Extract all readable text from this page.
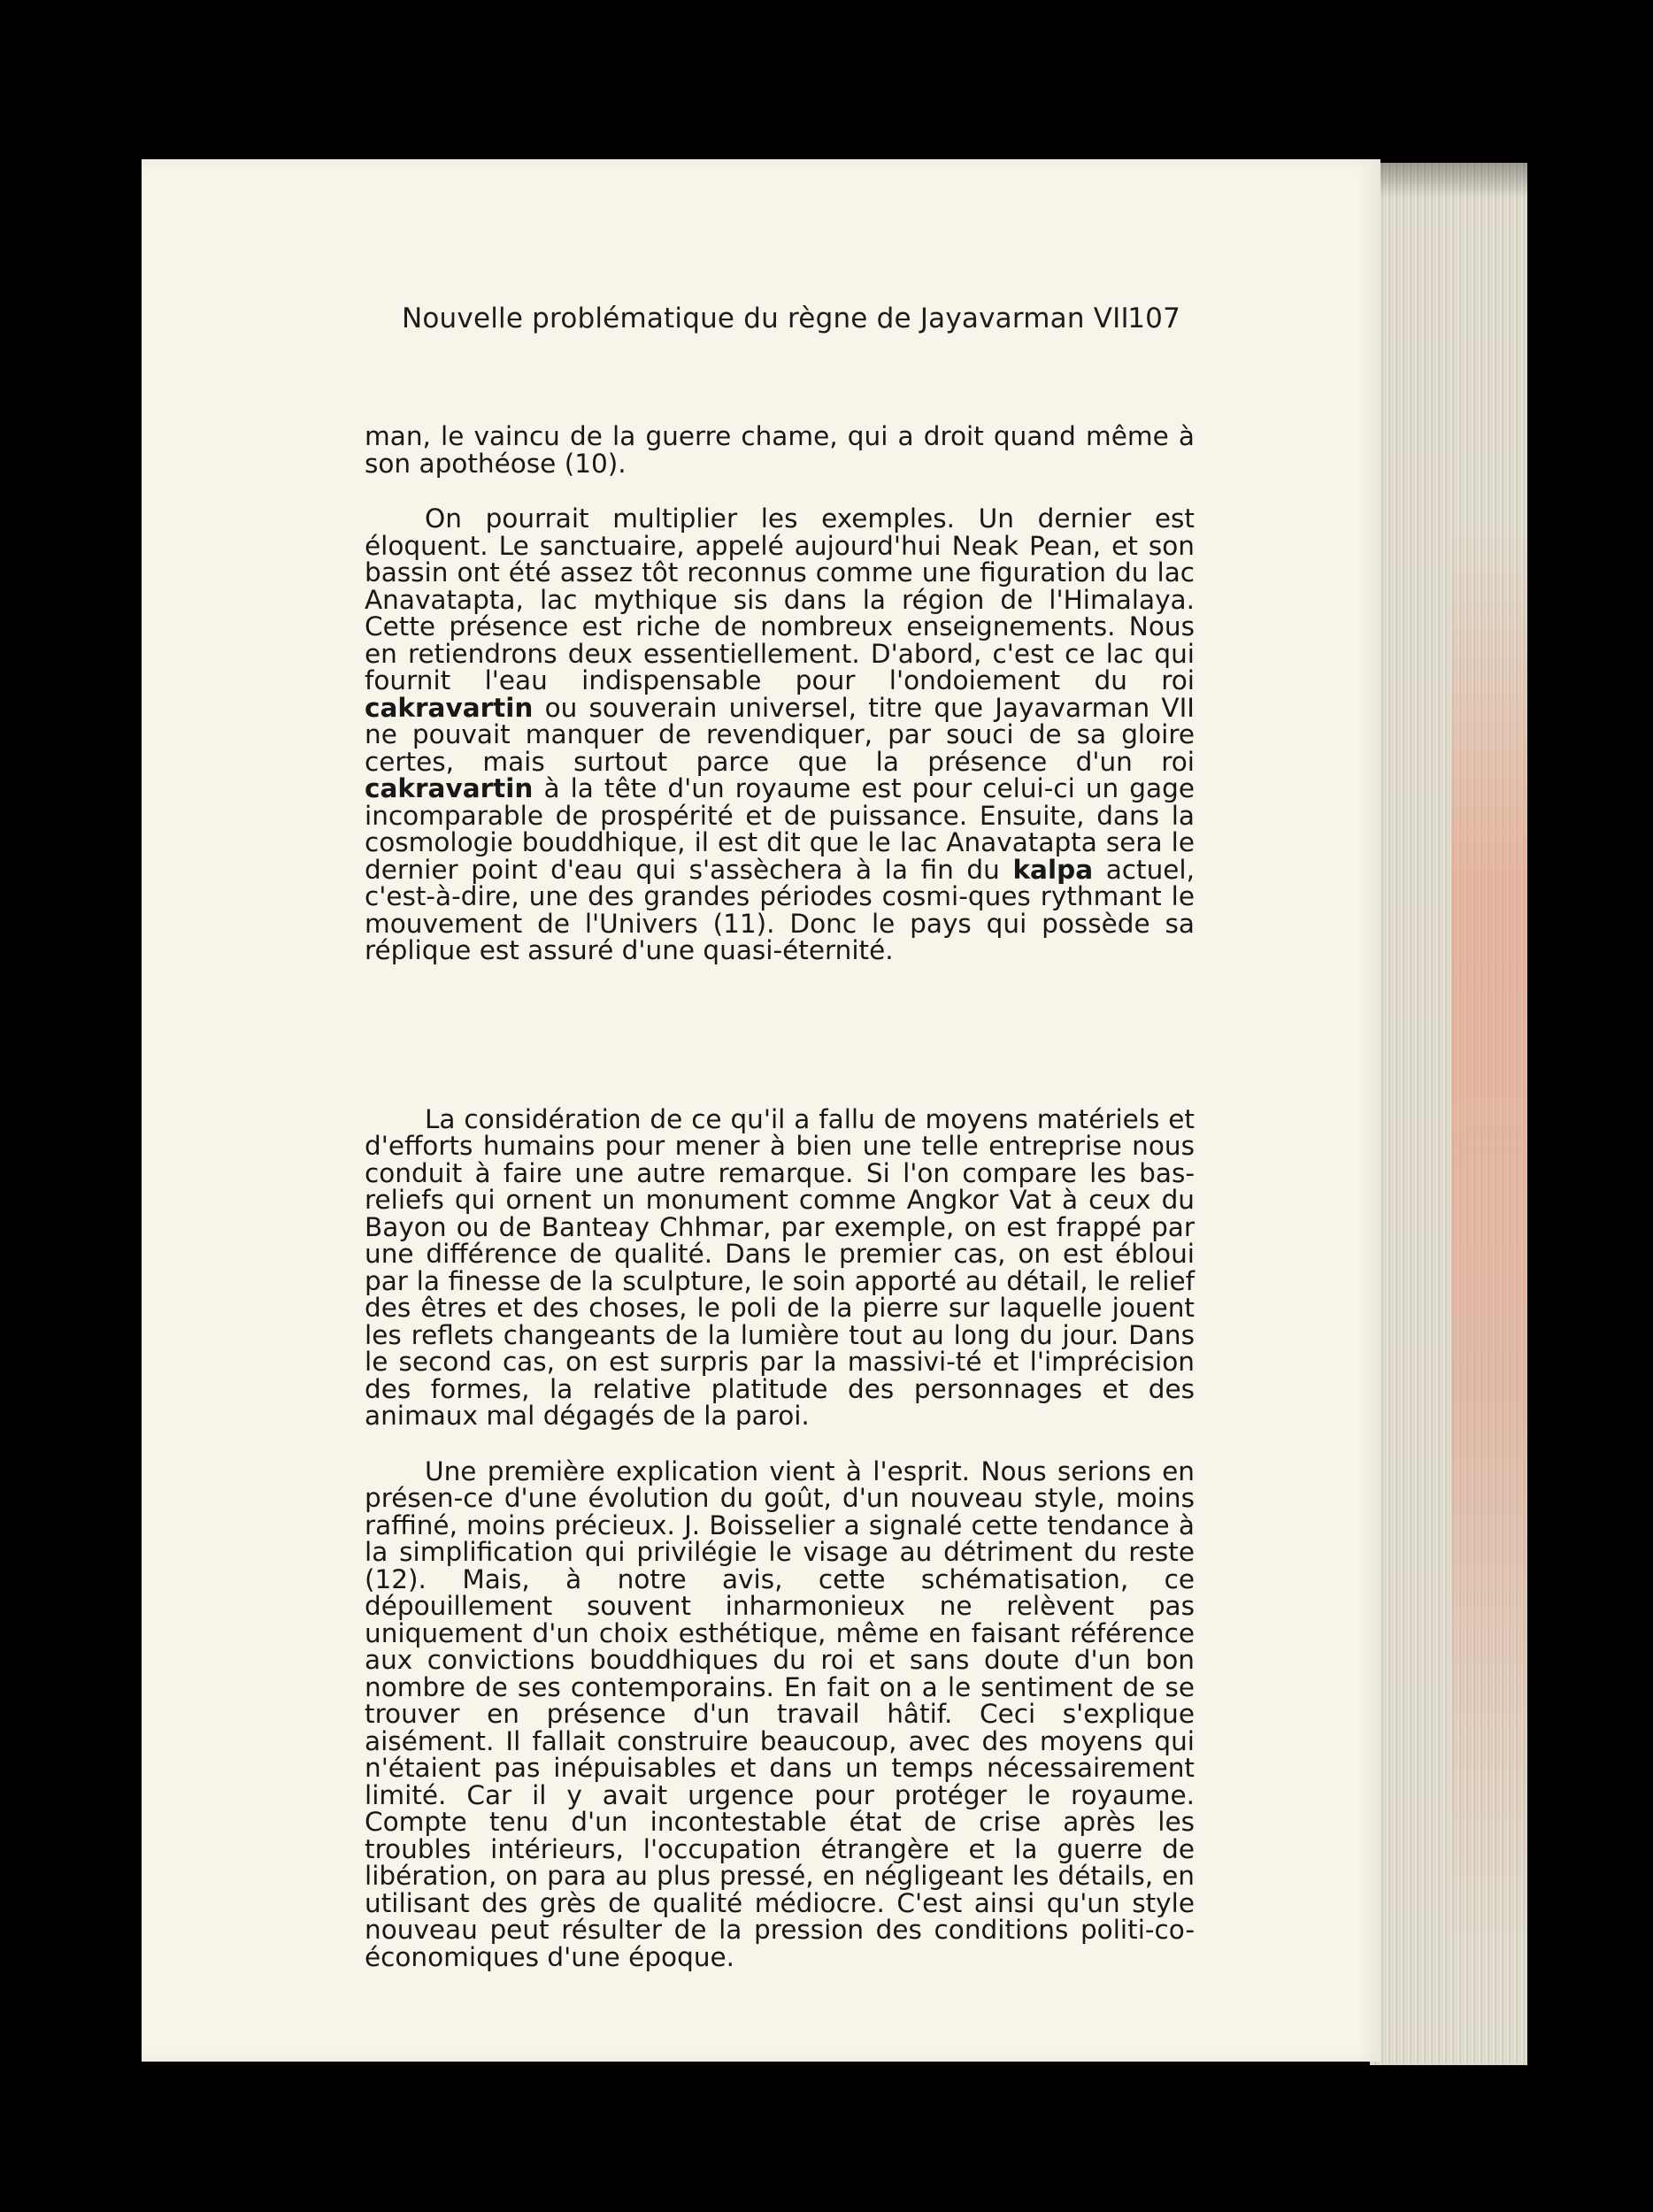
Nouvelle problématique du règne de Jayavarman VII
107

man, le vaincu de la guerre chame, qui a droit quand même à son apothéose (10).

On pourrait multiplier les exemples. Un dernier est éloquent. Le sanctuaire, appelé aujourd'hui Neak Pean, et son bassin ont été assez tôt reconnus comme une figuration du lac Anavatapta, lac mythique sis dans la région de l'Himalaya. Cette présence est riche de nombreux enseignements. Nous en retiendrons deux essentiellement. D'abord, c'est ce lac qui fournit l'eau indispensable pour l'ondoiement du roi cakravartin ou souverain universel, titre que Jayavarman VII ne pouvait manquer de revendiquer, par souci de sa gloire certes, mais surtout parce que la présence d'un roi cakravartin à la tête d'un royaume est pour celui-ci un gage incomparable de prospérité et de puissance. Ensuite, dans la cosmologie bouddhique, il est dit que le lac Anavatapta sera le dernier point d'eau qui s'assèchera à la fin du kalpa actuel, c'est-à-dire, une des grandes périodes cosmi-ques rythmant le mouvement de l'Univers (11). Donc le pays qui possède sa réplique est assuré d'une quasi-éternité.

La considération de ce qu'il a fallu de moyens matériels et d'efforts humains pour mener à bien une telle entreprise nous conduit à faire une autre remarque. Si l'on compare les bas-reliefs qui ornent un monument comme Angkor Vat à ceux du Bayon ou de Banteay Chhmar, par exemple, on est frappé par une différence de qualité. Dans le premier cas, on est ébloui par la finesse de la sculpture, le soin apporté au détail, le relief des êtres et des choses, le poli de la pierre sur laquelle jouent les reflets changeants de la lumière tout au long du jour. Dans le second cas, on est surpris par la massivi-té et l'imprécision des formes, la relative platitude des personnages et des animaux mal dégagés de la paroi.

Une première explication vient à l'esprit. Nous serions en présen-ce d'une évolution du goût, d'un nouveau style, moins raffiné, moins précieux. J. Boisselier a signalé cette tendance à la simplification qui privilégie le visage au détriment du reste (12). Mais, à notre avis, cette schématisation, ce dépouillement souvent inharmonieux ne relèvent pas uniquement d'un choix esthétique, même en faisant référence aux convictions bouddhiques du roi et sans doute d'un bon nombre de ses contemporains. En fait on a le sentiment de se trouver en présence d'un travail hâtif. Ceci s'explique aisément. Il fallait construire beaucoup, avec des moyens qui n'étaient pas inépuisables et dans un temps nécessairement limité. Car il y avait urgence pour protéger le royaume. Compte tenu d'un incontestable état de crise après les troubles intérieurs, l'occupation étrangère et la guerre de libération, on para au plus pressé, en négligeant les détails, en utilisant des grès de qualité médiocre. C'est ainsi qu'un style nouveau peut résulter de la pression des conditions politi-co-économiques d'une époque.
